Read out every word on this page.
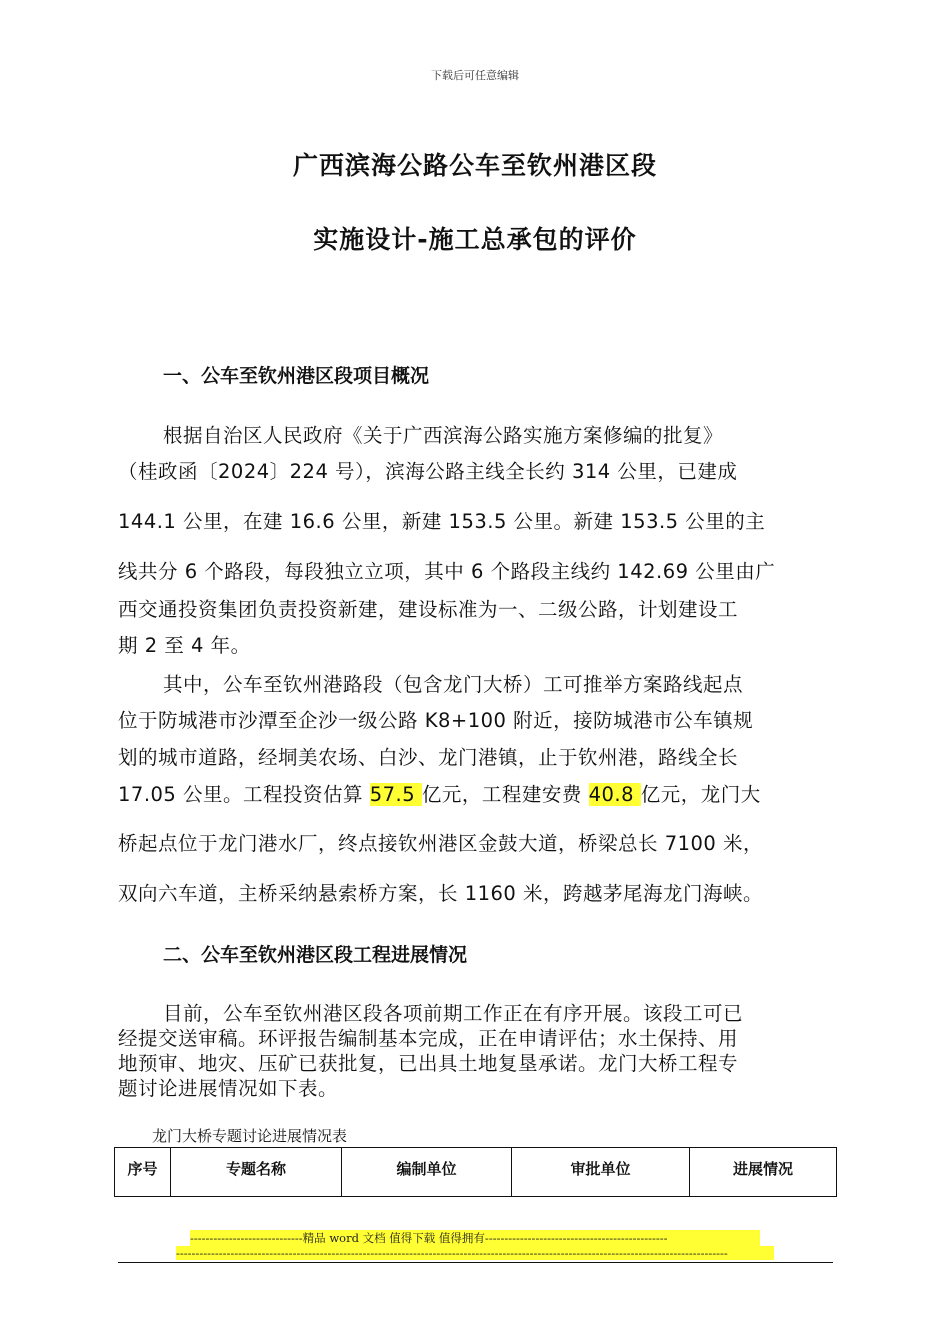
下载后可任意编辑
广西滨海公路公车至钦州港区段
实施设计-施工总承包的评价
一、公车至钦州港区段项目概况
根据自治区人民政府《关于广西滨海公路实施方案修编的批复》
（桂政函〔2024〕224 号），滨海公路主线全长约 314 公里，已建成
144.1 公里，在建 16.6 公里，新建 153.5 公里。新建 153.5 公里的主
线共分 6 个路段，每段独立立项，其中 6 个路段主线约 142.69 公里由广
西交通投资集团负责投资新建，建设标准为一、二级公路，计划建设工
期 2 至 4 年。
其中，公车至钦州港路段（包含龙门大桥）工可推举方案路线起点
位于防城港市沙潭至企沙一级公路 K8+100 附近，接防城港市公车镇规
划的城市道路，经垌美农场、白沙、龙门港镇，止于钦州港，路线全长
17.05 公里。工程投资估算 57.5 亿元，工程建安费 40.8 亿元，龙门大
桥起点位于龙门港水厂，终点接钦州港区金鼓大道，桥梁总长 7100 米，
双向六车道，主桥采纳悬索桥方案，长 1160 米，跨越茅尾海龙门海峡。
二、公车至钦州港区段工程进展情况
目前，公车至钦州港区段各项前期工作正在有序开展。该段工可已
经提交送审稿。环评报告编制基本完成，正在申请评估；水土保持、用
地预审、地灾、压矿已获批复，已出具土地复垦承诺。龙门大桥工程专
题讨论进展情况如下表。
龙门大桥专题讨论进展情况表
序号	专题名称	编制单位	审批单位	进展情况
-----------------------------精品 word 文档 值得下载 值得拥有-----------------------------------------------
----------------------------------------------------------------------------------------------------------------------------------------------
